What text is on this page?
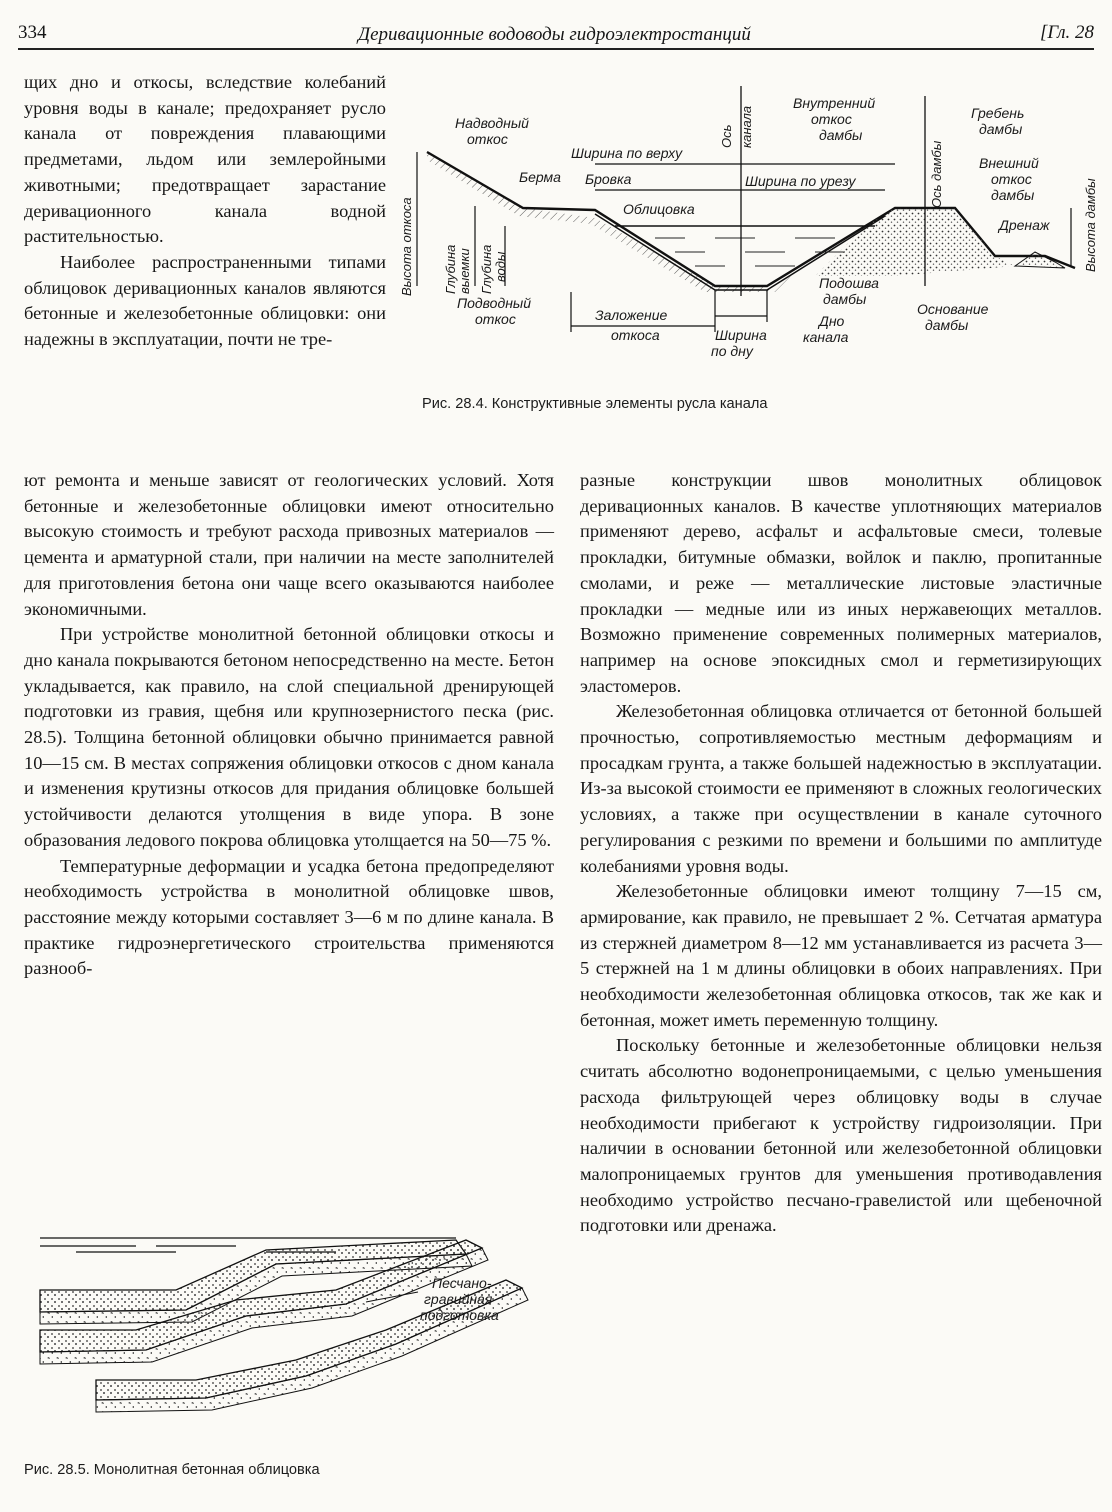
334	Деривационные водоводы гидроэлектростанций	[Гл. 28
щих дно и откосы, вследствие колебаний уровня воды в канале; предохраняет русло канала от повреждения плавающими предметами, льдом или землеройными животными; предотвращает зарастание деривационного канала водной растительностью.
Наиболее распространенными типами облицовок деривационных каналов являются бетонные и железобетонные облицовки: они надежны в эксплуатации, почти не тре-
ют ремонта и меньше зависят от геологических условий. Хотя бетонные и железобетонные облицовки имеют относительно высокую стоимость и требуют расхода привозных материалов — цемента и арматурной стали, при наличии на месте заполнителей для приготовления бетона они чаще всего оказываются наиболее экономичными.
При устройстве монолитной бетонной облицовки откосы и дно канала покрываются бетоном непосредственно на месте. Бетон укладывается, как правило, на слой специальной дренирующей подготовки из гравия, щебня или крупнозернистого песка (рис. 28.5). Толщина бетонной облицовки обычно принимается равной 10—15 см. В местах сопряжения облицовки откосов с дном канала и изменения крутизны откосов для придания облицовке большей устойчивости делаются утолщения в виде упора. В зоне образования ледового покрова облицовка утолщается на 50—75 %.
Температурные деформации и усадка бетона предопределяют необходимость устройства в монолитной облицовке швов, расстояние между которыми составляет 3—6 м по длине канала. В практике гидроэнергетического строительства применяются разнооб-
разные конструкции швов монолитных облицовок деривационных каналов. В качестве уплотняющих материалов применяют дерево, асфальт и асфальтовые смеси, толевые прокладки, битумные обмазки, войлок и паклю, пропитанные смолами, и реже — металлические листовые эластичные прокладки — медные или из иных нержавеющих металлов. Возможно применение современных полимерных материалов, например на основе эпоксидных смол и герметизирующих эластомеров.
Железобетонная облицовка отличается от бетонной большей прочностью, сопротивляемостью местным деформациям и просадкам грунта, а также большей надежностью в эксплуатации. Из-за высокой стоимости ее применяют в сложных геологических условиях, а также при осуществлении в канале суточного регулирования с резкими по времени и большими по амплитуде колебаниями уровня воды.
Железобетонные облицовки имеют толщину 7—15 см, армирование, как правило, не превышает 2 %. Сетчатая арматура из стержней диаметром 8—12 мм устанавливается из расчета 3—5 стержней на 1 м длины облицовки в обоих направлениях. При необходимости железобетонная облицовка откосов, так же как и бетонная, может иметь переменную толщину.
Поскольку бетонные и железобетонные облицовки нельзя считать абсолютно водонепроницаемыми, с целью уменьшения расхода фильтрующей через облицовку воды в случае необходимости прибегают к устройству гидроизоляции. При наличии в основании бетонной или железобетонной облицовки малопроницаемых грунтов для уменьшения противодавления необходимо устройство песчано-гравелистой или щебеночной подготовки или дренажа.
Надводный
откос
Ширина по верху
Ось канала
Внутренний
откос
дамбы
Гребень
дамбы
Берма Бровка	Ширина по урезу	Ось дамбы	Внешний
откос
дамбы
Высота откоса	Высота дамбы
Облицовка
Дренаж
Глубина выемки Глубина воды
Подводный
откос
Подошва
дамбы
Основание
дамбы
Заложение
откоса
Дно
канала
Ширина
по дну
Рис. 28.4. Конструктивные элементы русла канала
Песчано-
гравийная
подготовка
Рис. 28.5. Монолитная бетонная облицовка
